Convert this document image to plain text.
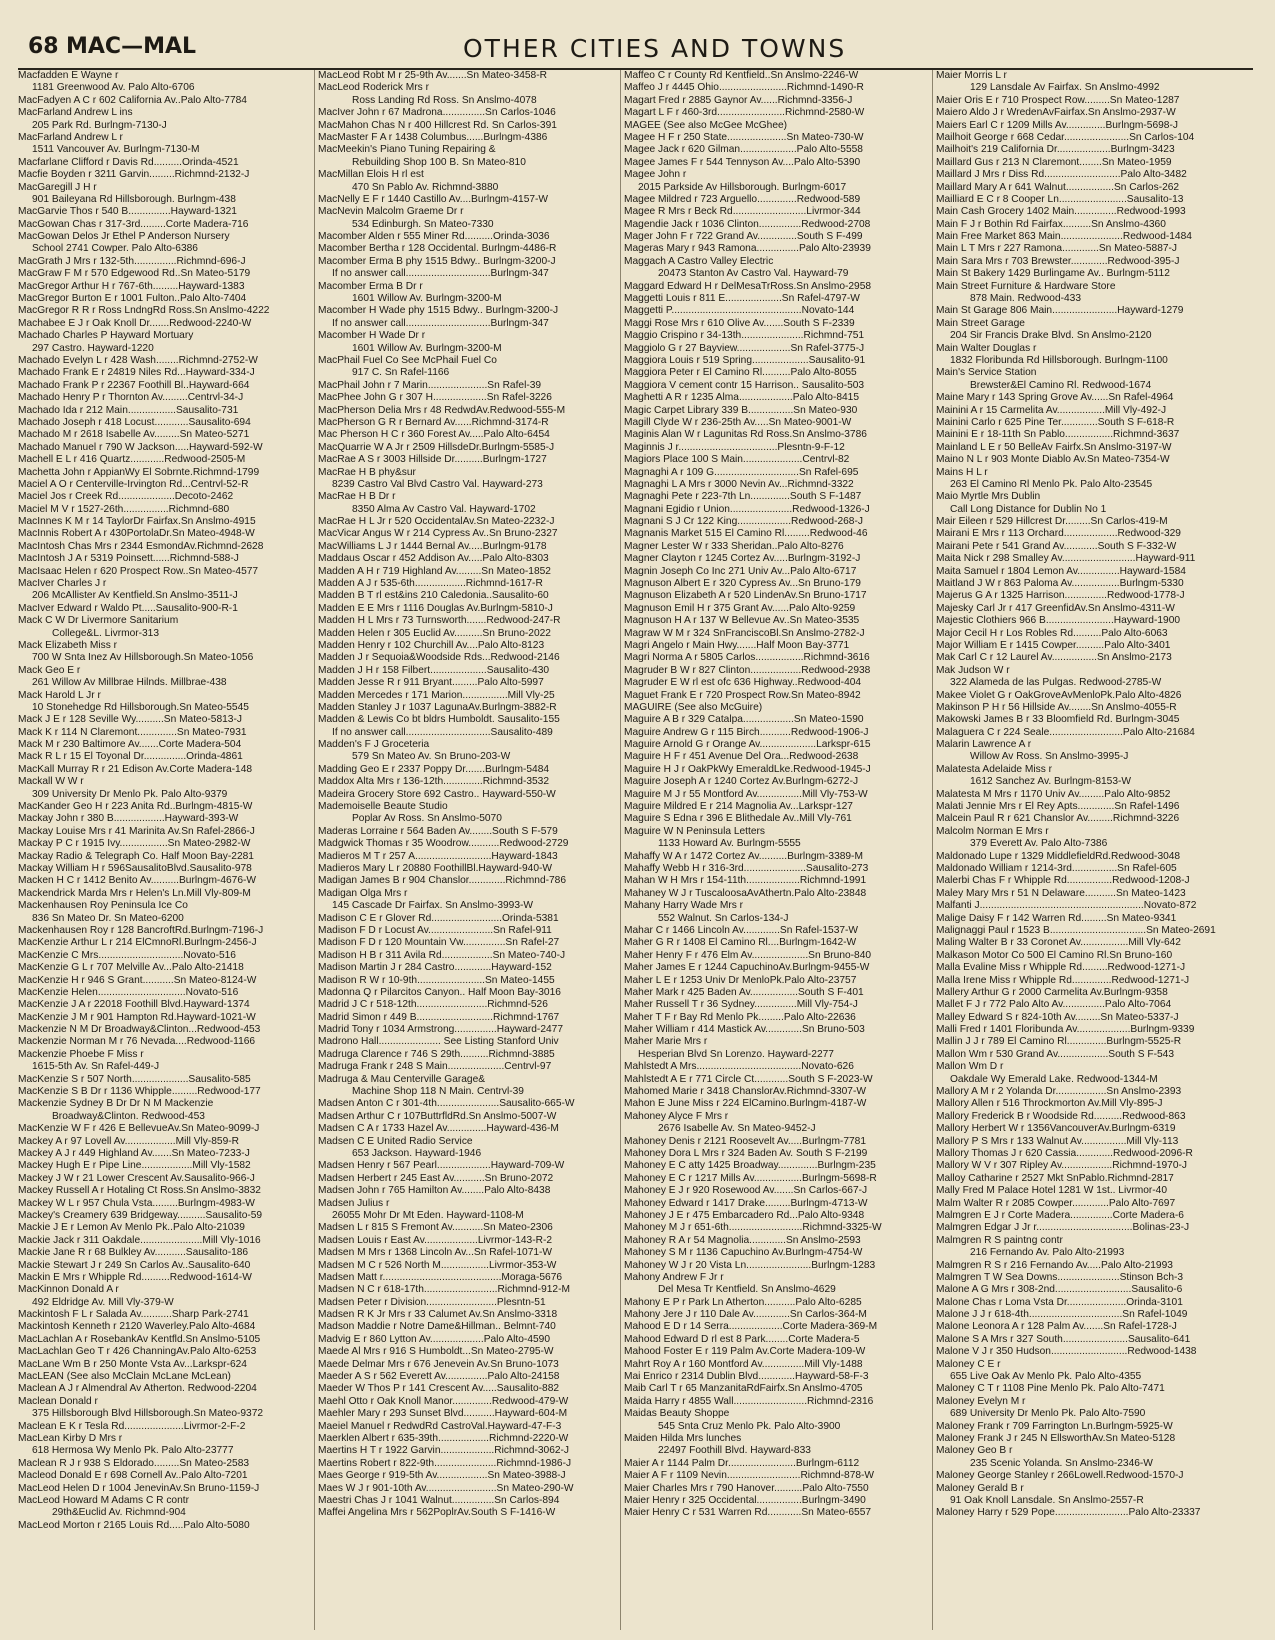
68 MAC—MAL	OTHER CITIES AND TOWNS
Macfadden E Wayne r
1181 Greenwood Av. Palo Alto-6706
MacFadyen A C r 602 California Av..Palo Alto-7784
MacFarland Andrew L ins
205 Park Rd. Burlngm-7130-J
MacFarland Andrew L r
1511 Vancouver Av. Burlngm-7130-M
Macfarlane Clifford r Davis Rd..........Orinda-4521
Macfie Boyden r 3211 Garvin.........Richmnd-2132-J
MacGaregill J H r
901 Baileyana Rd Hillsborough. Burlngm-438
MacGarvie Thos r 540 B...............Hayward-1321
MacGowan Chas r 317-3rd.........Corte Madera-716
MacGowan Delos Jr Ethel P Anderson Nursery
School 2741 Cowper. Palo Alto-6386
MacGrath J Mrs r 132-5th...............Richmnd-696-J
MacGraw F M r 570 Edgewood Rd..Sn Mateo-5179
MacGregor Arthur H r 767-6th.........Hayward-1383
MacGregor Burton E r 1001 Fulton..Palo Alto-7404
MacGregor R R r Ross LndngRd Ross.Sn Anslmo-4222
Machabee E J r Oak Knoll Dr.......Redwood-2240-W
Machado Charles P Hayward Mortuary
297 Castro. Hayward-1220
Machado Evelyn L r 428 Wash........Richmnd-2752-W
Machado Frank E r 24819 Niles Rd...Hayward-334-J
Machado Frank P r 22367 Foothill Bl..Hayward-664
Machado Henry P r Thornton Av.........Centrvl-34-J
Machado Ida r 212 Main.................Sausalito-731
Machado Joseph r 418 Locust............Sausalito-694
Machado M r 2618 Isabelle Av.........Sn Mateo-5271
Machado Manuel r 790 W Jackson.....Hayward-592-W
Machell E L r 416 Quartz............Redwood-2505-M
Machetta John r AppianWy El Sobrnte.Richmnd-1799
Maciel A O r Centerville-Irvington Rd...Centrvl-52-R
Maciel Jos r Creek Rd....................Decoto-2462
Maciel M V r 1527-26th................Richmnd-680
MacInnes K M r 14 TaylorDr Fairfax.Sn Anslmo-4915
MacInnis Robert A r 430PortolaDr.Sn Mateo-4948-W
MacIntosh Chas Mrs r 2344 EsmondAv.Richmnd-2628
MacIntosh J A r 5319 Poinsett......Richmnd-588-J
MacIsaac Helen r 620 Prospect Row..Sn Mateo-4577
MacIver Charles J r
206 McAllister Av Kentfield.Sn Anslmo-3511-J
MacIver Edward r Waldo Pt.....Sausalito-900-R-1
Mack C W Dr Livermore Sanitarium
College&L. Livrmor-313
Mack Elizabeth Miss r
700 W Snta Inez Av Hillsborough.Sn Mateo-1056
Mack Geo E r
261 Willow Av Millbrae Hilnds. Millbrae-438
Mack Harold L Jr r
10 Stonehedge Rd Hillsborough.Sn Mateo-5545
Mack J E r 128 Seville Wy..........Sn Mateo-5813-J
Mack K r 114 N Claremont..............Sn Mateo-7931
Mack M r 230 Baltimore Av.......Corte Madera-504
Mack R L r 15 El Toyonal Dr...............Orinda-4861
MacKall Murray R r 21 Edison Av.Corte Madera-148
Mackall W W r
309 University Dr Menlo Pk. Palo Alto-9379
MacKander Geo H r 223 Anita Rd..Burlngm-4815-W
Mackay John r 380 B..................Hayward-393-W
Mackay Louise Mrs r 41 Marinita Av.Sn Rafel-2866-J
Mackay P C r 1915 Ivy.................Sn Mateo-2982-W
Mackay Radio & Telegraph Co. Half Moon Bay-2281
Mackay William H r 596SausalitoBlvd.Sausalito-978
Macken H C r 1412 Benito Av..........Burlngm-4676-W
Mackendrick Marda Mrs r Helen's Ln.Mill Vly-809-M
Mackenhausen Roy Peninsula Ice Co
836 Sn Mateo Dr. Sn Mateo-6200
Mackenhausen Roy r 128 BancroftRd.Burlngm-7196-J
MacKenzie Arthur L r 214 ElCmnoRl.Burlngm-2456-J
MacKenzie C Mrs..............................Novato-516
MacKenzie G L r 707 Melville Av...Palo Alto-21418
MacKenzie H r 946 S Grant...........Sn Mateo-8124-W
MacKenzie Helen...............................Novato-516
MacKenzie J A r 22018 Foothill Blvd.Hayward-1374
MacKenzie J M r 901 Hampton Rd.Hayward-1021-W
Mackenzie N M Dr Broadway&Clinton...Redwood-453
Mackenzie Norman M r 76 Nevada....Redwood-1166
Mackenzie Phoebe F Miss r
1615-5th Av. Sn Rafel-449-J
MacKenzie S r 507 North....................Sausalito-585
MacKenzie S B Dr r 1136 Whipple.........Redwood-177
Mackenzie Sydney B Dr Dr N M Mackenzie
Broadway&Clinton. Redwood-453
MacKenzie W F r 426 E BellevueAv.Sn Mateo-9099-J
Mackey A r 97 Lovell Av..................Mill Vly-859-R
Mackey A J r 449 Highland Av.......Sn Mateo-7233-J
Mackey Hugh E r Pipe Line..................Mill Vly-1582
Mackey J W r 21 Lower Crescent Av.Sausalito-966-J
Mackey Russell A r Hotaling Ct Ross.Sn Anslmo-3832
Mackey W L r 957 Chula Vsta.........Burlngm-4983-W
Mackey's Creamery 639 Bridgeway..........Sausalito-59
Mackie J E r Lemon Av Menlo Pk..Palo Alto-21039
Mackie Jack r 311 Oakdale......................Mill Vly-1016
Mackie Jane R r 68 Bulkley Av...........Sausalito-186
Mackie Stewart J r 249 Sn Carlos Av..Sausalito-640
Mackin E Mrs r Whipple Rd..........Redwood-1614-W
MacKinnon Donald A r
492 Eldridge Av. Mill Vly-379-W
Mackintosh F L r Salada Av...........Sharp Park-2741
Mackintosh Kenneth r 2120 Waverley.Palo Alto-4684
MacLachlan A r RosebankAv Kentfld.Sn Anslmo-5105
MacLachlan Geo T r 426 ChanningAv.Palo Alto-6253
MacLane Wm B r 250 Monte Vsta Av...Larkspr-624
MacLEAN (See also McClain McLane McLean)
Maclean A J r Almendral Av Atherton. Redwood-2204
Maclean Donald r
375 Hillsborough Blvd Hillsborough.Sn Mateo-9372
Maclean E K r Tesla Rd.....................Livrmor-2-F-2
MacLean Kirby D Mrs r
618 Hermosa Wy Menlo Pk. Palo Alto-23777
Maclean R J r 938 S Eldorado.........Sn Mateo-2583
Macleod Donald E r 698 Cornell Av..Palo Alto-7201
MacLeod Helen D r 1004 JenevinAv.Sn Bruno-1159-J
MacLeod Howard M Adams C R contr
29th&Euclid Av. Richmnd-904
MacLeod Morton r 2165 Louis Rd.....Palo Alto-5080
MacLeod Robt M r 25-9th Av.......Sn Mateo-3458-R
MacLeod Roderick Mrs r
Ross Landing Rd Ross. Sn Anslmo-4078
MacIver John r 67 Madrona...............Sn Carlos-1046
MacMahon Chas N r 400 Hillcrest Rd. Sn Carlos-391
MacMaster F A r 1438 Columbus......Burlngm-4386
MacMeekin's Piano Tuning Repairing &
Rebuilding Shop 100 B. Sn Mateo-810
MacMillan Elois H rl est
470 Sn Pablo Av. Richmnd-3880
MacNelly E F r 1440 Castillo Av....Burlngm-4157-W
MacNevin Malcolm Graeme Dr r
534 Edinburgh. Sn Mateo-7330
Macomber Alden r 555 Miner Rd..........Orinda-3036
Macomber Bertha r 128 Occidental. Burlngm-4486-R
Macomber Erma B phy 1515 Bdwy.. Burlngm-3200-J
If no answer call..............................Burlngm-347
Macomber Erma B Dr r
1601 Willow Av. Burlngm-3200-M
Macomber H Wade phy 1515 Bdwy.. Burlngm-3200-J
If no answer call..............................Burlngm-347
Macomber H Wade Dr r
1601 Willow Av. Burlngm-3200-M
MacPhail Fuel Co See McPhail Fuel Co
917 C. Sn Rafel-1166
MacPhail John r 7 Marin.....................Sn Rafel-39
MacPhee John G r 307 H...................Sn Rafel-3226
MacPherson Delia Mrs r 48 RedwdAv.Redwood-555-M
MacPherson G R r Bernard Av......Richmnd-3174-R
Mac Pherson H C r 360 Forest Av.....Palo Alto-6454
MacQuarrie W A Jr r 2509 HillsdeDr.Burlngm-5585-J
MacRae A S r 3003 Hillside Dr..........Burlngm-1727
MacRae H B phy&sur
8239 Castro Val Blvd Castro Val. Hayward-273
MacRae H B Dr r
8350 Alma Av Castro Val. Hayward-1702
MacRae H L Jr r 520 OccidentalAv.Sn Mateo-2232-J
MacVicar Angus W r 214 Cypress Av..Sn Bruno-2327
MacWilliams L J r 1444 Bernal Av.....Burlngm-9178
Maddaus Oscar r 452 Addison Av.....Palo Alto-8303
Madden A H r 719 Highland Av.........Sn Mateo-1852
Madden A J r 535-6th..................Richmnd-1617-R
Madden B T rl est&ins 210 Caledonia..Sausalito-60
Madden E E Mrs r 1116 Douglas Av.Burlngm-5810-J
Madden H L Mrs r 73 Turnsworth.......Redwood-247-R
Madden Helen r 305 Euclid Av..........Sn Bruno-2022
Madden Henry r 102 Churchill Av....Palo Alto-8123
Madden J r Sequoia&Woodside Rds...Redwood-2146
Madden J H r 158 Filbert....................Sausalito-430
Madden Jesse R r 911 Bryant.........Palo Alto-5997
Madden Mercedes r 171 Marion................Mill Vly-25
Madden Stanley J r 1037 LagunaAv.Burlngm-3882-R
Madden & Lewis Co bt bldrs Humboldt. Sausalito-155
If no answer call..............................Sausalito-489
Madden's F J Groceteria
579 Sn Mateo Av. Sn Bruno-203-W
Madding Geo E r 2337 Poppy Dr.......Burlngm-5484
Maddox Alta Mrs r 136-12th..............Richmnd-3532
Madeira Grocery Store 692 Castro.. Hayward-550-W
Mademoiselle Beaute Studio
Poplar Av Ross. Sn Anslmo-5070
Maderas Lorraine r 564 Baden Av........South S F-579
Madgwick Thomas r 35 Woodrow...........Redwood-2729
Madieros M T r 257 A...........................Hayward-1843
Madieros Mary L r 20880 FoothillBl.Hayward-940-W
Madigan James B r 904 Chanslor.............Richmnd-786
Madigan Olga Mrs r
145 Cascade Dr Fairfax. Sn Anslmo-3993-W
Madison C E r Glover Rd.........................Orinda-5381
Madison F D r Locust Av.......................Sn Rafel-911
Madison F D r 120 Mountain Vw...............Sn Rafel-27
Madison H B r 311 Avila Rd..................Sn Mateo-740-J
Madison Martin J r 284 Castro.............Hayward-152
Madison R W r 10-9th........................Sn Mateo-1455
Madonna Q r Pilarcitos Canyon.. Half Moon Bay-3016
Madrid J C r 518-12th.........................Richmnd-526
Madrid Simon r 449 B...........................Richmnd-1767
Madrid Tony r 1034 Armstrong...............Hayward-2477
Madrono Hall...................... See Listing Stanford Univ
Madruga Clarence r 746 S 29th..........Richmnd-3885
Madruga Frank r 248 S Main....................Centrvl-97
Madruga & Mau Centerville Garage&
Machine Shop 118 N Main. Centrvl-39
Madsen Anton C r 301-4th......................Sausalito-665-W
Madsen Arthur C r 107ButtrfldRd.Sn Anslmo-5007-W
Madsen C A r 1733 Hazel Av..............Hayward-436-M
Madsen C E United Radio Service
653 Jackson. Hayward-1946
Madsen Henry r 567 Pearl...................Hayward-709-W
Madsen Herbert r 245 East Av...........Sn Bruno-2072
Madsen John r 765 Hamilton Av........Palo Alto-8438
Madsen Julius r
26055 Mohr Dr Mt Eden. Hayward-1108-M
Madsen L r 815 S Fremont Av...........Sn Mateo-2306
Madsen Louis r East Av...................Livrmor-143-R-2
Madsen M Mrs r 1368 Lincoln Av...Sn Rafel-1071-W
Madsen M C r 526 North M.................Livrmor-353-W
Madsen Matt r..........................................Moraga-5676
Madsen N C r 618-17th..........................Richmnd-912-M
Madsen Peter r Division.........................Plesntn-51
Madsen R K Jr Mrs r 33 Calumet Av.Sn Anslmo-3318
Madson Maddie r Notre Dame&Hillman.. Belmnt-740
Madvig E r 860 Lytton Av...................Palo Alto-4590
Maede Al Mrs r 916 S Humboldt...Sn Mateo-2795-W
Maede Delmar Mrs r 676 Jenevein Av.Sn Bruno-1073
Maeder A S r 562 Everett Av...............Palo Alto-24158
Maeder W Thos P r 141 Crescent Av.....Sausalito-882
Maehl Otto r Oak Knoll Manor..............Redwood-479-W
Maehler Mary r 293 Sunset Blvd...........Hayward-604-M
Maeiel Manuel r RedwdRd CastroVal.Hayward-47-F-3
Maerklen Albert r 635-39th..................Richmnd-2220-W
Maertins H T r 1922 Garvin...................Richmnd-3062-J
Maertins Robert r 822-9th......................Richmnd-1986-J
Maes George r 919-5th Av..................Sn Mateo-3988-J
Maes W J r 901-10th Av.........................Sn Mateo-290-W
Maestri Chas J r 1041 Walnut...............Sn Carlos-894
Maffei Angelina Mrs r 562PoplrAv.South S F-1416-W
Maffeo C r County Rd Kentfield..Sn Anslmo-2246-W
Maffeo J r 4445 Ohio........................Richmnd-1490-R
Magart Fred r 2885 Gaynor Av......Richmnd-3356-J
Magart L F r 460-3rd........................Richmnd-2580-W
MAGEE (See also McGee McGhee)
Magee H F r 250 State.....................Sn Mateo-730-W
Magee Jack r 620 Gilman....................Palo Alto-5558
Magee James F r 544 Tennyson Av....Palo Alto-5390
Magee John r
2015 Parkside Av Hillsborough. Burlngm-6017
Magee Mildred r 723 Arguello..............Redwood-589
Magee R Mrs r Beck Rd..........................Livrmor-344
Magendie Jack r 1036 Clinton...............Redwood-2708
Mager John F r 722 Grand Av..............South S F-499
Mageras Mary r 943 Ramona...............Palo Alto-23939
Maggach A Castro Valley Electric
20473 Stanton Av Castro Val. Hayward-79
Maggard Edward H r DelMesaTrRoss.Sn Anslmo-2958
Maggetti Louis r 811 E....................Sn Rafel-4797-W
Maggetti P..............................................Novato-144
Maggi Rose Mrs r 610 Olive Av.......South S F-2339
Maggio Crispino r 34-13th......................Richmnd-751
Maggiolo G r 27 Bayview...................Sn Rafel-3775-J
Maggiora Louis r 519 Spring....................Sausalito-91
Maggiora Peter r El Camino Rl..........Palo Alto-8055
Maggiora V cement contr 15 Harrison.. Sausalito-503
Maghetti A R r 1235 Alma...................Palo Alto-8415
Magic Carpet Library 339 B................Sn Mateo-930
Magill Clyde W r 236-25th Av.....Sn Mateo-9001-W
Maginis Alan W r Lagunitas Rd Ross.Sn Anslmo-3786
Maginnis J r...................................Plesntn-9-F-12
Magiors Place 100 S Main.....................Centrvl-82
Magnaghi A r 109 G..............................Sn Rafel-695
Magnaghi L A Mrs r 3000 Nevin Av...Richmnd-3322
Magnaghi Pete r 223-7th Ln..............South S F-1487
Magnani Egidio r Union......................Redwood-1326-J
Magnani S J Cr 122 King...................Redwood-268-J
Magnanis Market 515 El Camino Rl.........Redwood-46
Magner Lester W r 333 Sheridan..Palo Alto-8276
Magner Clayton r 1245 Cortez Av.....Burlngm-3192-J
Magnin Joseph Co Inc 271 Univ Av...Palo Alto-6717
Magnuson Albert E r 320 Cypress Av...Sn Bruno-179
Magnuson Elizabeth A r 520 LindenAv.Sn Bruno-1717
Magnuson Emil H r 375 Grant Av......Palo Alto-9259
Magnuson H A r 137 W Bellevue Av..Sn Mateo-3535
Magraw W M r 324 SnFranciscoBl.Sn Anslmo-2782-J
Magri Angelo r Main Hwy.......Half Moon Bay-3771
Magri Norma A r 5805 Carlos.................Richmnd-3616
Magruder B W r 827 Clinton..................Redwood-2938
Magruder E W rl est ofc 636 Highway..Redwood-404
Maguet Frank E r 720 Prospect Row.Sn Mateo-8942
MAGUIRE (See also McGuire)
Maguire A B r 329 Catalpa..................Sn Mateo-1590
Maguire Andrew G r 115 Birch...........Redwood-1906-J
Maguire Arnold G r Orange Av....................Larkspr-615
Maguire H F r 451 Avenue Del Ora...Redwood-2638
Maguire H J r OakPkWy EmeraldLke.Redwood-1945-J
Maguire Joseph A r 1240 Cortez Av.Burlngm-6272-J
Maguire M J r 55 Montford Av................Mill Vly-753-W
Maguire Mildred E r 214 Magnolia Av...Larkspr-127
Maguire S Edna r 396 E Blithedale Av..Mill Vly-761
Maguire W N Peninsula Letters
1133 Howard Av. Burlngm-5555
Mahaffy W A r 1472 Cortez Av..........Burlngm-3389-M
Mahaffy Webb H r 316-3rd......................Sausalito-273
Mahan W H Mrs r 154-11th...................Richmnd-1991
Mahaney W J r TuscaloosaAvAthertn.Palo Alto-23848
Mahany Harry Wade Mrs r
552 Walnut. Sn Carlos-134-J
Mahar C r 1466 Lincoln Av.............Sn Rafel-1537-W
Maher G R r 1408 El Camino Rl....Burlngm-1642-W
Maher Henry F r 476 Elm Av....................Sn Bruno-840
Maher James E r 1244 CapuchinoAv.Burlngm-9455-W
Maher L E r 1253 Univ Dr MenloPk.Palo Alto-23757
Maher Mark r 425 Baden Av.................South S F-401
Maher Russell T r 36 Sydney...............Mill Vly-754-J
Maher T F r Bay Rd Menlo Pk.........Palo Alto-22636
Maher William r 414 Mastick Av.............Sn Bruno-503
Maher Marie Mrs r
Hesperian Blvd Sn Lorenzo. Hayward-2277
Mahlstedt A Mrs.....................................Novato-626
Mahlstedt A E r 771 Circle Ct............South S F-2023-W
Mahomed Marie r 3418 ChanslorAv.Richmnd-3307-W
Mahon E June Miss r 224 ElCamino.Burlngm-4187-W
Mahoney Alyce F Mrs r
2676 Isabelle Av. Sn Mateo-9452-J
Mahoney Denis r 2121 Roosevelt Av.....Burlngm-7781
Mahoney Dora L Mrs r 324 Baden Av. South S F-2199
Mahoney E C atty 1425 Broadway..............Burlngm-235
Mahoney E C r 1217 Mills Av.................Burlngm-5698-R
Mahoney E J r 920 Rosewood Av.......Sn Carlos-667-J
Mahoney Edward r 1417 Drake.........Burlngm-4713-W
Mahoney J E r 475 Embarcadero Rd...Palo Alto-9348
Mahoney M J r 651-6th..........................Richmnd-3325-W
Mahoney R A r 54 Magnolia.............Sn Anslmo-2593
Mahoney S M r 1136 Capuchino Av.Burlngm-4754-W
Mahoney W J r 20 Vista Ln.......................Burlngm-1283
Mahony Andrew F Jr r
Del Mesa Tr Kentfield. Sn Anslmo-4629
Mahony E P r Park Ln Atherton...........Palo Alto-6285
Mahony Jere J r 110 Dale Av.............Sn Carlos-364-M
Mahood E D r 14 Serra...................Corte Madera-369-M
Mahood Edward D rl est 8 Park........Corte Madera-5
Mahood Foster E r 119 Palm Av.Corte Madera-109-W
Mahrt Roy A r 160 Montford Av...............Mill Vly-1488
Mai Enrico r 2314 Dublin Blvd.............Hayward-58-F-3
Maib Carl T r 65 ManzanitaRdFairfx.Sn Anslmo-4705
Maida Harry r 4855 Wall..........................Richmnd-2316
Maidas Beauty Shoppe
545 Snta Cruz Menlo Pk. Palo Alto-3900
Maiden Hilda Mrs lunches
22497 Foothill Blvd. Hayward-833
Maier A r 1144 Palm Dr........................Burlngm-6112
Maier A F r 1109 Nevin..........................Richmnd-878-W
Maier Charles Mrs r 790 Hanover..........Palo Alto-7550
Maier Henry r 325 Occidental................Burlngm-3490
Maier Henry C r 531 Warren Rd............Sn Mateo-6557
Maier Morris L r
129 Lansdale Av Fairfax. Sn Anslmo-4992
Maier Oris E r 710 Prospect Row.........Sn Mateo-1287
Maiero Aldo J r WredenAvFairfax.Sn Anslmo-2937-W
Maiers Earl C r 1209 Mills Av..............Burlngm-5698-J
Mailhoit George r 668 Cedar.......................Sn Carlos-104
Mailhoit's 219 California Dr...................Burlngm-3423
Maillard Gus r 213 N Claremont........Sn Mateo-1959
Maillard J Mrs r Diss Rd...........................Palo Alto-3482
Maillard Mary A r 641 Walnut.................Sn Carlos-262
Mailliard E C r 8 Cooper Ln........................Sausalito-13
Main Cash Grocery 1402 Main...............Redwood-1993
Main F J r Bothin Rd Fairfax..........Sn Anslmo-4360
Main Free Market 863 Main......................Redwood-1484
Main L T Mrs r 227 Ramona.............Sn Mateo-5887-J
Main Sara Mrs r 703 Brewster.............Redwood-395-J
Main St Bakery 1429 Burlingame Av.. Burlngm-5112
Main Street Furniture & Hardware Store
878 Main. Redwood-433
Main St Garage 806 Main.......................Hayward-1279
Main Street Garage
204 Sir Francis Drake Blvd. Sn Anslmo-2120
Main Walter Douglas r
1832 Floribunda Rd Hillsborough. Burlngm-1100
Main's Service Station
Brewster&El Camino Rl. Redwood-1674
Maine Mary r 143 Spring Grove Av......Sn Rafel-4964
Mainini A r 15 Carmelita Av.................Mill Vly-492-J
Mainini Carlo r 625 Pine Ter.............South S F-618-R
Mainini E r 18-11th Sn Pablo.................Richmnd-3637
Mainland L E r 50 BelleAv Fairfx.Sn Anslmo-3197-W
Maino N L r 903 Monte Diablo Av.Sn Mateo-7354-W
Mains H L r
263 El Camino Rl Menlo Pk. Palo Alto-23545
Maio Myrtle Mrs Dublin
Call Long Distance for Dublin No 1
Mair Eileen r 529 Hillcrest Dr.........Sn Carlos-419-M
Mairani E Mrs r 113 Orchard...................Redwood-329
Mairani Pete r 541 Grand Av............South S F-332-W
Maita Nick r 298 Smalley Av..........................Hayward-911
Maita Samuel r 1804 Lemon Av...............Hayward-1584
Maitland J W r 863 Paloma Av.................Burlngm-5330
Majerus G A r 1325 Harrison...............Redwood-1778-J
Majesky Carl Jr r 417 GreenfidAv.Sn Anslmo-4311-W
Majestic Clothiers 966 B........................Hayward-1900
Major Cecil H r Los Robles Rd..........Palo Alto-6063
Major William E r 1415 Cowper..........Palo Alto-3401
Mak Carl C r 12 Laurel Av................Sn Anslmo-2173
Mak Judson W r
322 Alameda de las Pulgas. Redwood-2785-W
Makee Violet G r OakGroveAvMenloPk.Palo Alto-4826
Makinson P H r 56 Hillside Av........Sn Anslmo-4055-R
Makowski James B r 33 Bloomfield Rd. Burlngm-3045
Malaguera C r 224 Seale..........................Palo Alto-21684
Malarin Lawrence A r
Willow Av Ross. Sn Anslmo-3995-J
Malatesta Adelaide Miss r
1612 Sanchez Av. Burlngm-8153-W
Malatesta M Mrs r 1170 Univ Av.........Palo Alto-9852
Malati Jennie Mrs r El Rey Apts.............Sn Rafel-1496
Malcein Paul R r 621 Chanslor Av.........Richmnd-3226
Malcolm Norman E Mrs r
379 Everett Av. Palo Alto-7386
Maldonado Lupe r 1329 MiddlefieldRd.Redwood-3048
Maldonado William r 1214-3rd................Sn Rafel-605
Malerbi Chas F r Whipple Rd................Redwood-1208-J
Maley Mary Mrs r 51 N Delaware...........Sn Mateo-1423
Malfanti J..........................................................Novato-872
Malige Daisy F r 142 Warren Rd.........Sn Mateo-9341
Malignaggi Paul r 1523 B..................................Sn Mateo-2691
Maling Walter B r 33 Coronet Av.................Mill Vly-642
Malkason Motor Co 500 El Camino Rl.Sn Bruno-160
Malla Evaline Miss r Whipple Rd.........Redwood-1271-J
Malla Irene Miss r Whipple Rd..............Redwood-1271-J
Mallery Arthur G r 2000 Carmelita Av.Burlngm-9358
Mallet F J r 772 Palo Alto Av...............Palo Alto-7064
Malley Edward S r 824-10th Av.........Sn Mateo-5337-J
Malli Fred r 1401 Floribunda Av...................Burlngm-9339
Mallin J J r 789 El Camino Rl..............Burlngm-5525-R
Mallon Wm r 530 Grand Av..................South S F-543
Mallon Wm D r
Oakdale Wy Emerald Lake. Redwood-1344-M
Mallory A M r 2 Yolanda Dr..................Sn Anslmo-2393
Mallory Allen r 516 Throckmorton Av.Mill Vly-895-J
Mallory Frederick B r Woodside Rd..........Redwood-863
Mallory Herbert W r 1356VancouverAv.Burlngm-6319
Mallory P S Mrs r 133 Walnut Av................Mill Vly-113
Mallory Thomas J r 620 Cassia.............Redwood-2096-R
Mallory W V r 307 Ripley Av..................Richmnd-1970-J
Malloy Catharine r 2527 Mkt SnPablo.Richmnd-2817
Mally Fred M Palace Hotel 1281 W 1st.. Livrmor-40
Malm Walter R r 2085 Cowper.............Palo Alto-7697
Malmgren E J r Corte Madera...............Corte Madera-6
Malmgren Edgar J Jr r..................................Bolinas-23-J
Malmgren R S paintng contr
216 Fernando Av. Palo Alto-21993
Malmgren R S r 216 Fernando Av.....Palo Alto-21993
Malmgren T W Sea Downs......................Stinson Bch-3
Malone A G Mrs r 308-2nd...........................Sausalito-6
Malone Chas r Loma Vsta Dr.....................Orinda-3101
Malone J J r 618-4th.................................Sn Rafel-1049
Malone Leonora A r 128 Palm Av.......Sn Rafel-1728-J
Malone S A Mrs r 327 South.......................Sausalito-641
Malone V J r 350 Hudson...........................Redwood-1438
Maloney C E r
655 Live Oak Av Menlo Pk. Palo Alto-4355
Maloney C T r 1108 Pine Menlo Pk. Palo Alto-7471
Maloney Evelyn M r
689 University Dr Menlo Pk. Palo Alto-7590
Maloney Frank r 709 Farrington Ln.Burlngm-5925-W
Maloney Frank J r 245 N EllsworthAv.Sn Mateo-5128
Maloney Geo B r
235 Scenic Yolanda. Sn Anslmo-2346-W
Maloney George Stanley r 266Lowell.Redwood-1570-J
Maloney Gerald B r
91 Oak Knoll Lansdale. Sn Anslmo-2557-R
Maloney Harry r 529 Pope..........................Palo Alto-23337
